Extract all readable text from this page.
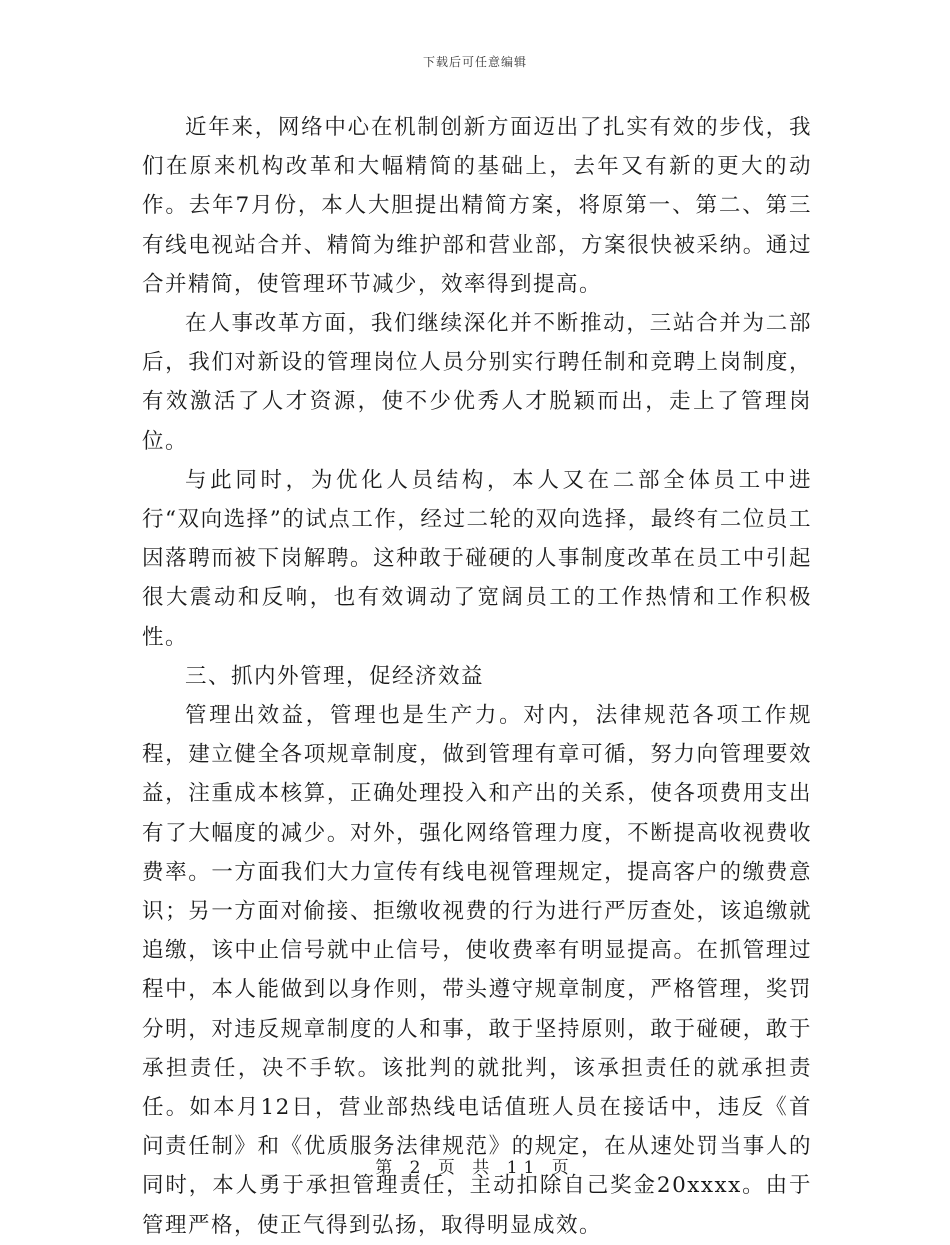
下载后可任意编辑

近年来，网络中心在机制创新方面迈出了扎实有效的步伐，我们在原来机构改革和大幅精简的基础上，去年又有新的更大的动作。去年7月份，本人大胆提出精简方案，将原第一、第二、第三有线电视站合并、精简为维护部和营业部，方案很快被采纳。通过合并精简，使管理环节减少，效率得到提高。

在人事改革方面，我们继续深化并不断推动，三站合并为二部后，我们对新设的管理岗位人员分别实行聘任制和竞聘上岗制度，有效激活了人才资源，使不少优秀人才脱颖而出，走上了管理岗位。

与此同时，为优化人员结构，本人又在二部全体员工中进行“双向选择”的试点工作，经过二轮的双向选择，最终有二位员工因落聘而被下岗解聘。这种敢于碰硬的人事制度改革在员工中引起很大震动和反响，也有效调动了宽阔员工的工作热情和工作积极性。

三、抓内外管理，促经济效益

管理出效益，管理也是生产力。对内，法律规范各项工作规程，建立健全各项规章制度，做到管理有章可循，努力向管理要效益，注重成本核算，正确处理投入和产出的关系，使各项费用支出有了大幅度的减少。对外，强化网络管理力度，不断提高收视费收费率。一方面我们大力宣传有线电视管理规定，提高客户的缴费意识；另一方面对偷接、拒缴收视费的行为进行严厉查处，该追缴就追缴，该中止信号就中止信号，使收费率有明显提高。在抓管理过程中，本人能做到以身作则，带头遵守规章制度，严格管理，奖罚分明，对违反规章制度的人和事，敢于坚持原则，敢于碰硬，敢于承担责任，决不手软。该批判的就批判，该承担责任的就承担责任。如本月12日，营业部热线电话值班人员在接话中，违反《首问责任制》和《优质服务法律规范》的规定，在从速处罚当事人的同时，本人勇于承担管理责任，主动扣除自己奖金20xxxx。由于管理严格，使正气得到弘扬，取得明显成效。

第 2 页 共 11 页
